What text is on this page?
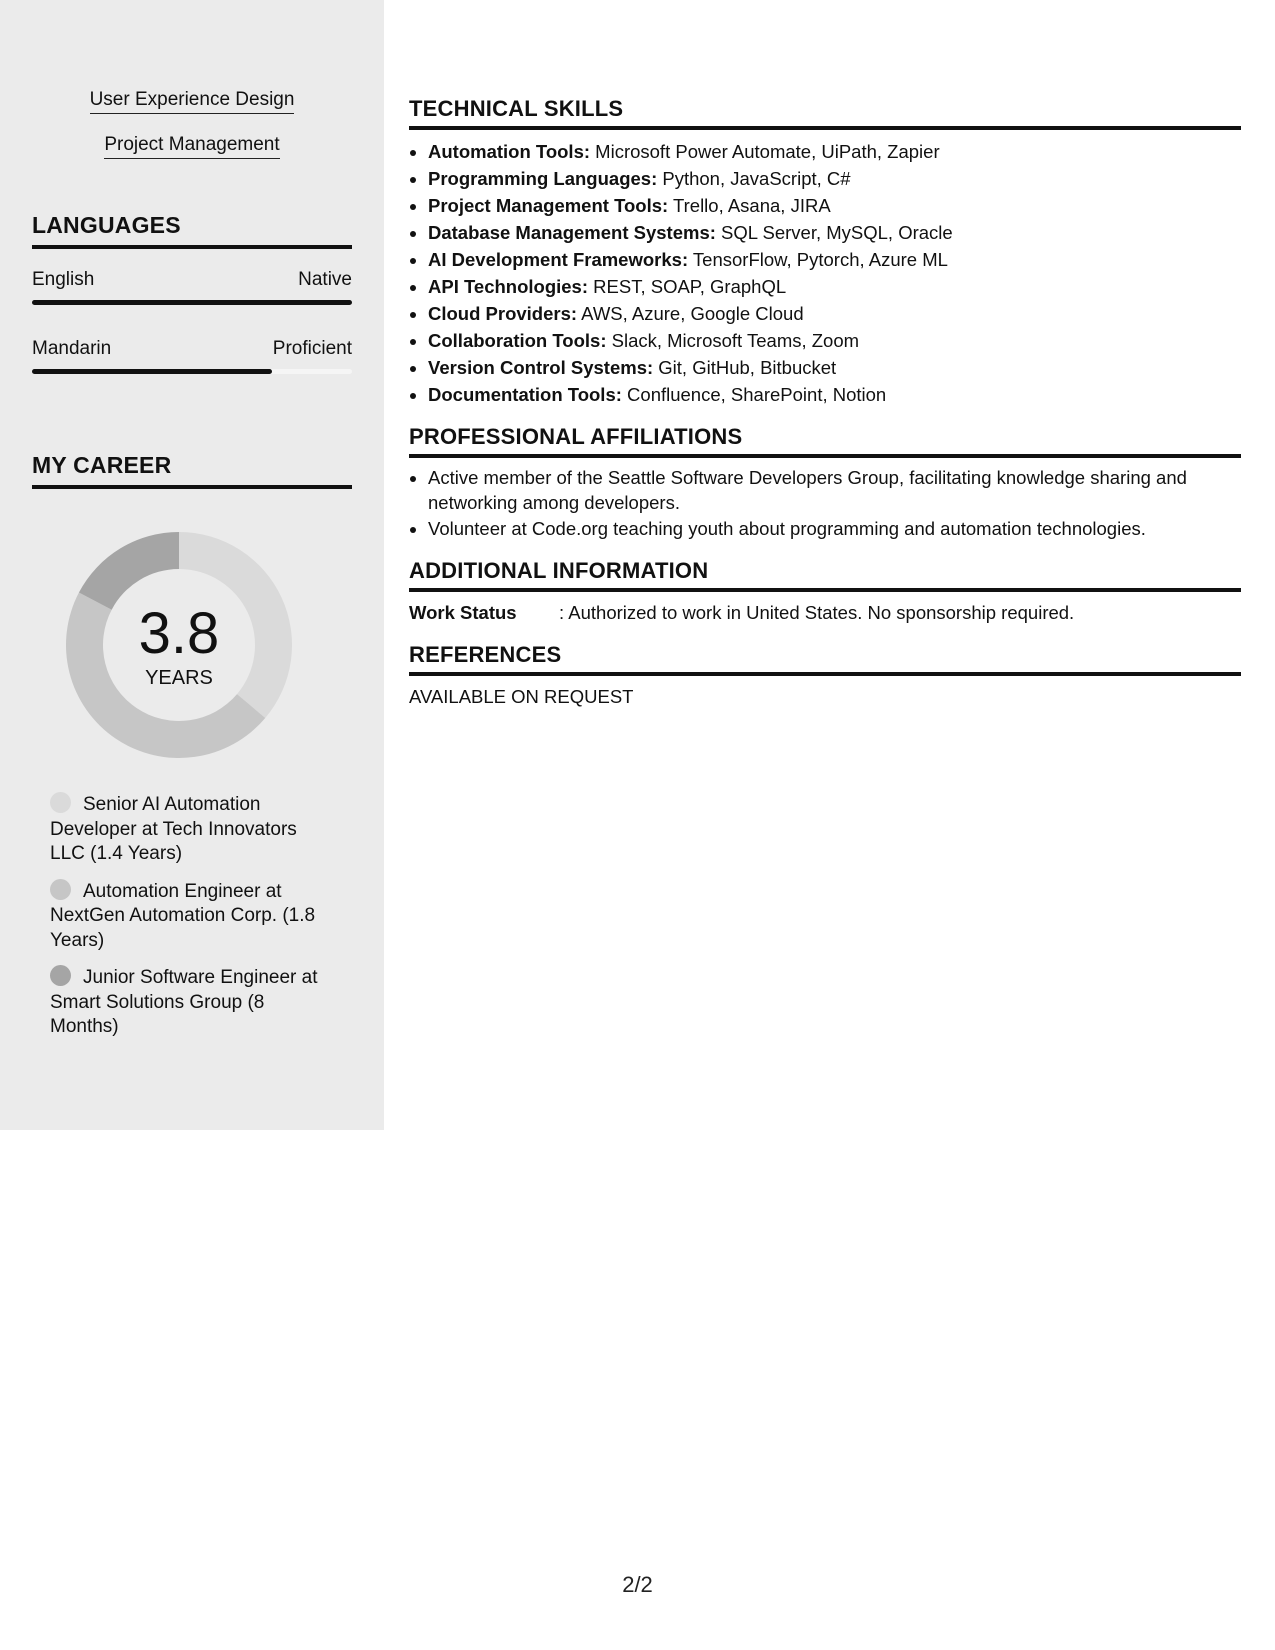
User Experience Design
Project Management
LANGUAGES
English	Native
Mandarin	Proficient
MY CAREER
3.8
YEARS
Senior AI Automation Developer at Tech Innovators LLC (1.4 Years)
Automation Engineer at NextGen Automation Corp. (1.8 Years)
Junior Software Engineer at Smart Solutions Group (8 Months)
TECHNICAL SKILLS
• Automation Tools: Microsoft Power Automate, UiPath, Zapier
• Programming Languages: Python, JavaScript, C#
• Project Management Tools: Trello, Asana, JIRA
• Database Management Systems: SQL Server, MySQL, Oracle
• AI Development Frameworks: TensorFlow, Pytorch, Azure ML
• API Technologies: REST, SOAP, GraphQL
• Cloud Providers: AWS, Azure, Google Cloud
• Collaboration Tools: Slack, Microsoft Teams, Zoom
• Version Control Systems: Git, GitHub, Bitbucket
• Documentation Tools: Confluence, SharePoint, Notion
PROFESSIONAL AFFILIATIONS
• Active member of the Seattle Software Developers Group, facilitating knowledge sharing and networking among developers.
• Volunteer at Code.org teaching youth about programming and automation technologies.
ADDITIONAL INFORMATION
Work Status : Authorized to work in United States. No sponsorship required.
REFERENCES
AVAILABLE ON REQUEST
2/2
